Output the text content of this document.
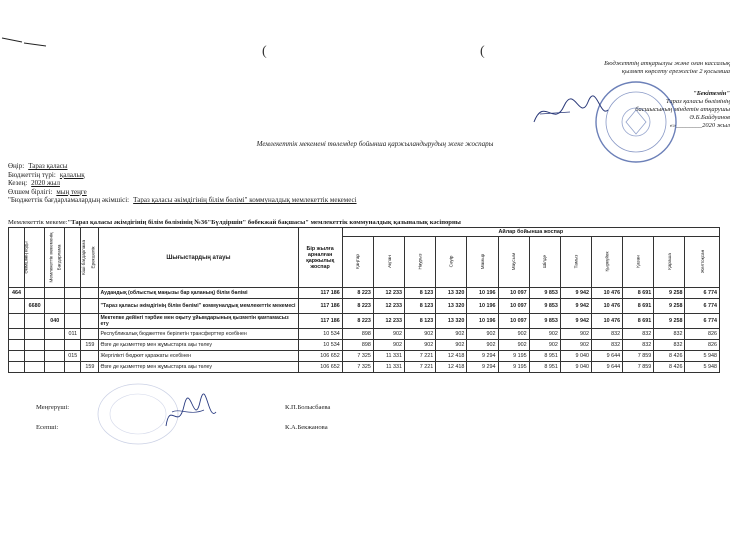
(	(
Бюджеттің атқарылуы және оған кассалық
қызмет көрсету ережесіне 2 қосымша
"Бекітемін"
Тараз қаласы бөлімінің
басшысының міндетін атқарушы
Ә.Б.Байдуанов
«»________2020 жыл
Мемлекеттік мекемені төлемдер бойынша қаржыландырудың жеке жоспары
Өңір: Тараз қаласы
Бюджеттің түрі: қалалық
Кезең: 2020 жыл
Өлшем бірлігі: мың теңге
"Бюджеттік бағдарламалардың әкімшісі: Тараз қаласы әкімдігінің білім бөлімі" коммуналдық мемлекеттік мекемесі
Мемлекеттік мекеме:"Тараз қаласы әкімдігінің білім бөлімінің №36"Бүлдіршін" бөбекжай бақшасы" мемлекеттік коммуналдық қазыналық кәсіпорны
Әкімшінің коды	Мемлекеттік мекеменің	Бағдарлама	Кіші бағдарлама	Ерекшелік	Шығыстардың атауы	Бір жылға арналған қаржылық жоспар	Айлар бойынша жоспар											
							Қаңтар	Ақпан	Наурыз	Сәуір	Мамыр	Маусым	Шілде	Тамыз	Қыркүйек	Қазан	Қараша	Желтоқсан
464					Аудандық (облыстық маңызы бар қаланың) білім бөлімі	117 186	8 223	12 233	8 123	13 320	10 196	10 097	9 853	9 942	10 476	8 691	9 258	6 774
	6680				"Тараз қаласы әкімдігінің білім бөлімі" коммуналдық мемлекеттік мекемесі	117 186	8 223	12 233	8 123	13 320	10 196	10 097	9 853	9 942	10 476	8 691	9 258	6 774
		040			Мектепке дейінгі тәрбие мен оқыту ұйымдарының қызметін қамтамасыз ету	117 186	8 223	12 233	8 123	13 320	10 196	10 097	9 853	9 942	10 476	8 691	9 258	6 774
			011		Республикалық бюджеттен берілетін трансферттер есебінен	10 534	898	902	902	902	902	902	902	902	832	832	832	826
				159	Өзге де қызметтер мен жұмыстарға ақы төлеу	10 534	898	902	902	902	902	902	902	902	832	832	832	826
			015		Жергілікті бюджет қаражаты есебінен	106 652	7 325	11 331	7 221	12 418	9 294	9 195	8 951	9 040	9 644	7 859	8 426	5 948
				159	Өзге де қызметтер мен жұмыстарға ақы төлеу	106 652	7 325	11 331	7 221	12 418	9 294	9 195	8 951	9 040	9 644	7 859	8 426	5 948
Меңгерүші:	К.П.Болысбаева
Есепші:	К.А.Бекжанова
